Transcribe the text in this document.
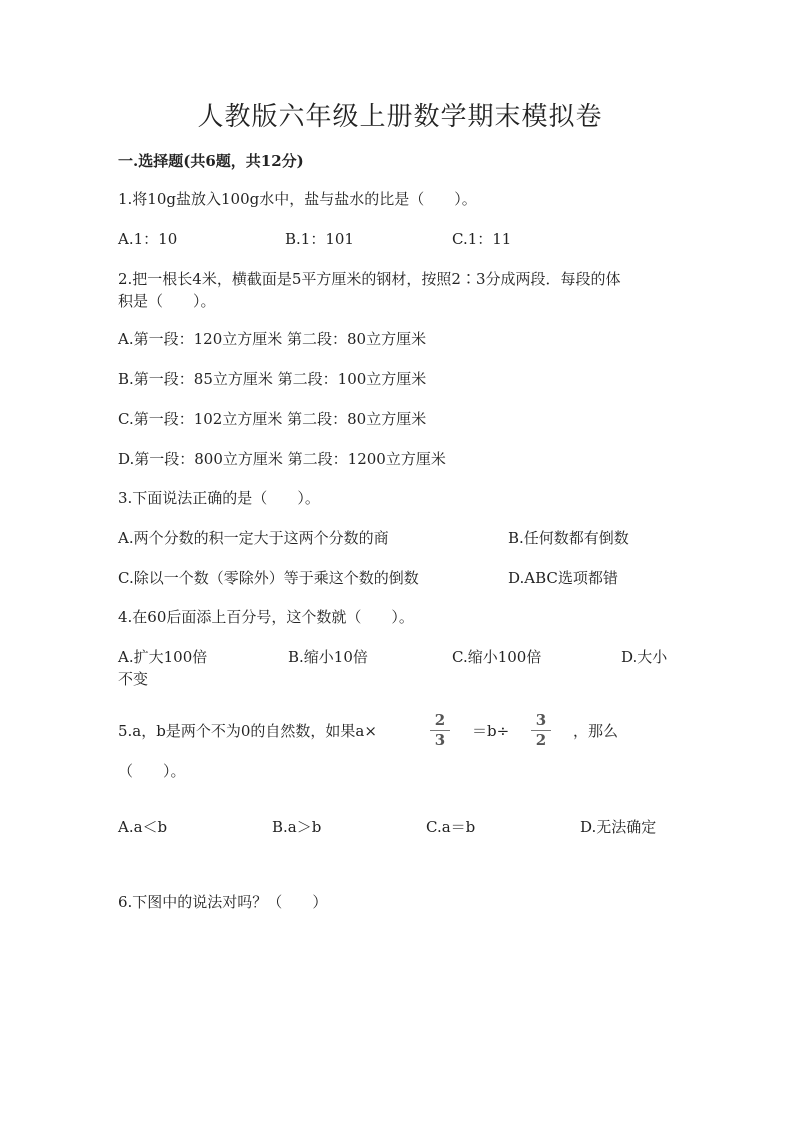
人教版六年级上册数学期末模拟卷
一.选择题(共6题，共12分)
1.将10g盐放入100g水中，盐与盐水的比是（　　）。
A.1：10	B.1：101	C.1：11
2.把一根长4米，横截面是5平方厘米的钢材，按照2∶3分成两段．每段的体
积是（　　）。
A.第一段：120立方厘米 第二段：80立方厘米
B.第一段：85立方厘米 第二段：100立方厘米
C.第一段：102立方厘米 第二段：80立方厘米
D.第一段：800立方厘米 第二段：1200立方厘米
3.下面说法正确的是（　　）。
A.两个分数的积一定大于这两个分数的商	B.任何数都有倒数
C.除以一个数（零除外）等于乘这个数的倒数	D.ABC选项都错
4.在60后面添上百分号，这个数就（　　）。
A.扩大100倍	B.缩小10倍	C.缩小100倍	D.大小
不变
5.a，b是两个不为0的自然数，如果a×
2
3	＝b÷
3
2	，那么
（　　）。
A.a＜b	B.a＞b	C.a＝b	D.无法确定
6.下图中的说法对吗？（　　）
